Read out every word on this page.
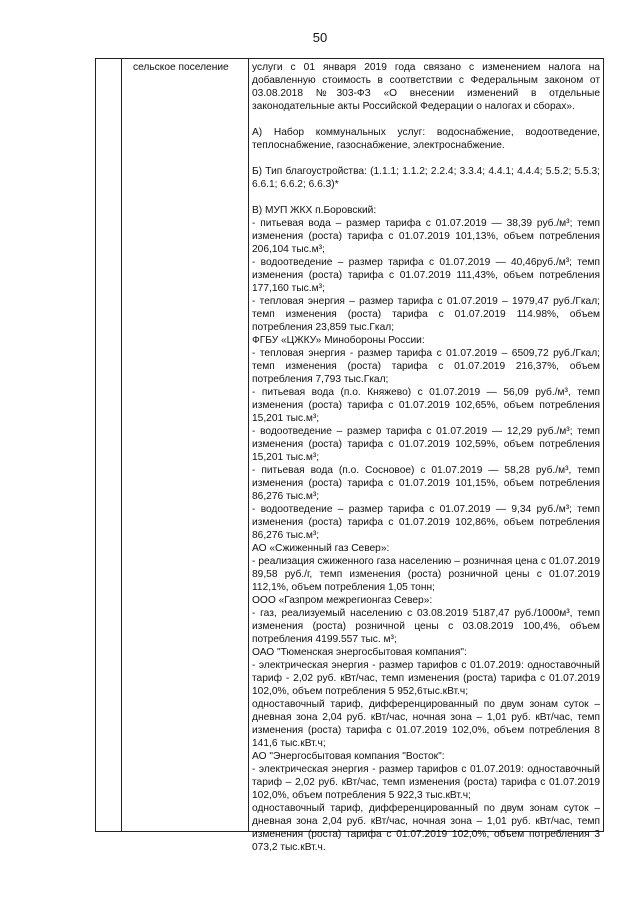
50
сельское поселение	услуги с 01 января 2019 года связано с изменением налога на добавленную стоимость в соответствии с Федеральным законом от 03.08.2018 №303-ФЗ «О внесении изменений в отдельные законодательные акты Российской Федерации о налогах и сборах».

А) Набор коммунальных услуг: водоснабжение, водоотведение, теплоснабжение, газоснабжение, электроснабжение.

Б) Тип благоустройства: (1.1.1; 1.1.2; 2.2.4; 3.3.4; 4.4.1; 4.4.4; 5.5.2; 5.5.3; 6.6.1; 6.6.2; 6.6.3)*

В) МУП ЖКХ п.Боровский:

- питьевая вода – размер тарифа с 01.07.2019 — 38,39 руб./м³; темп изменения (роста) тарифа с 01.07.2019 101,13%, объем потребления 206,104 тыс.м³;

- водоотведение – размер тарифа с 01.07.2019 — 40,46руб./м³; темп изменения (роста) тарифа с 01.07.2019 111,43%, объем потребления 177,160 тыс.м³;

- тепловая энергия – размер тарифа с 01.07.2019 – 1979,47 руб./Гкал; темп изменения (роста) тарифа с 01.07.2019 114.98%, объем потребления 23,859 тыс.Гкал;

ФГБУ «ЦЖКУ» Минобороны России:

- тепловая энергия - размер тарифа с 01.07.2019 – 6509,72 руб./Гкал; темп изменения (роста) тарифа с 01.07.2019 216,37%, объем потребления 7,793 тыс.Гкал;

- питьевая вода (п.о. Княжево) с 01.07.2019 — 56,09 руб./м³, темп изменения (роста) тарифа с 01.07.2019 102,65%, объем потребления 15,201 тыс.м³;

- водоотведение – размер тарифа с 01.07.2019 — 12,29 руб./м³; темп изменения (роста) тарифа с 01.07.2019 102,59%, объем потребления 15,201 тыс.м³;

- питьевая вода (п.о. Сосновое) с 01.07.2019 — 58,28 руб./м³, темп изменения (роста) тарифа с 01.07.2019 101,15%, объем потребления 86,276 тыс.м³;

- водоотведение – размер тарифа с 01.07.2019 — 9,34 руб./м³; темп изменения (роста) тарифа с 01.07.2019 102,86%, объем потребления 86,276 тыс.м³;

АО «Сжиженный газ Север»:

- реализация сжиженного газа населению – розничная цена с 01.07.2019 89,58 руб./г, темп изменения (роста) розничной цены с 01.07.2019 112,1%, объем потребления 1,05 тонн;

ООО «Газпром межрегионгаз Север»:

- газ, реализуемый населению с 03.08.2019 5187,47 руб./1000м³, темп изменения (роста) розничной цены с 03.08.2019 100,4%, объем потребления 4199.557 тыс. м³;

ОАО "Тюменская энергосбытовая компания":

- электрическая энергия - размер тарифов с 01.07.2019: одноставочный тариф - 2,02 руб. кВт/час, темп изменения (роста) тарифа с 01.07.2019 102,0%, объем потребления 5 952,6тыс.кВт.ч;

одноставочный тариф, дифференцированный по двум зонам суток – дневная зона 2,04 руб. кВт/час, ночная зона – 1,01 руб. кВт/час, темп изменения (роста) тарифа с 01.07.2019 102,0%, объем потребления 8 141,6 тыс.кВт.ч;

АО "Энергосбытовая компания "Восток":

- электрическая энергия - размер тарифов с 01.07.2019: одноставочный тариф – 2,02 руб. кВт/час, темп изменения (роста) тарифа с 01.07.2019 102,0%, объем потребления 5 922,3 тыс.кВт.ч;

одноставочный тариф, дифференцированный по двум зонам суток – дневная зона 2,04 руб. кВт/час, ночная зона – 1,01 руб. кВт/час, темп изменения (роста) тарифа с 01.07.2019 102,0%, объем потребления 3 073,2 тыс.кВт.ч.
